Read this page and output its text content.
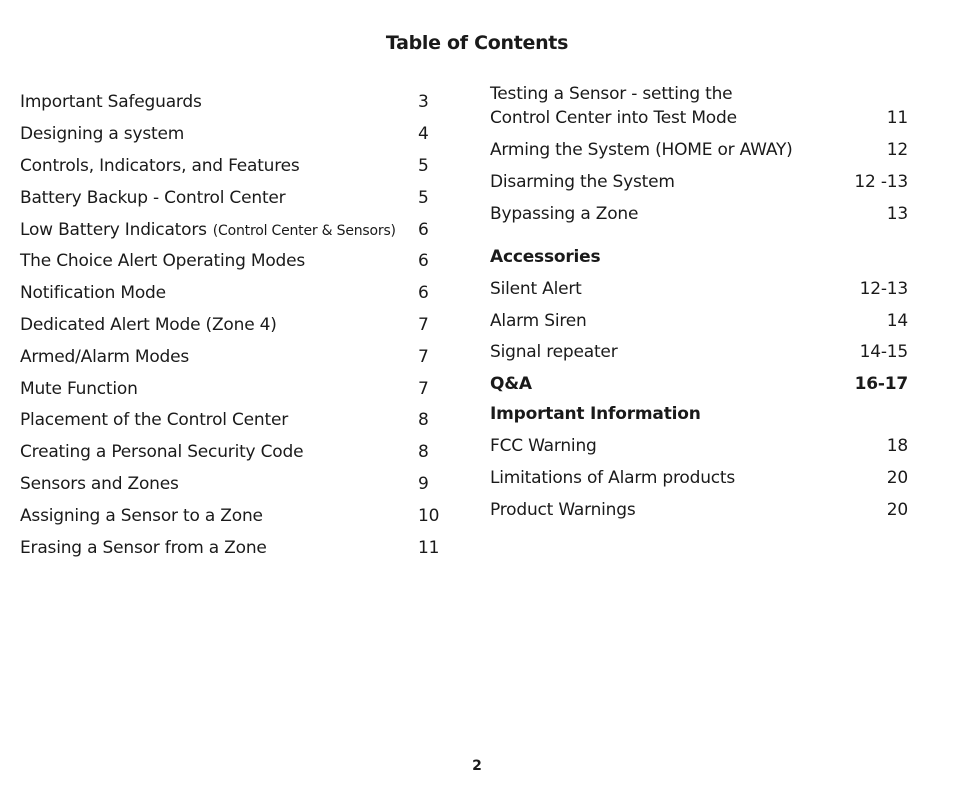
Table of Contents
Important Safeguards	3
Designing a system	4
Controls, Indicators, and Features	5
Battery Backup - Control Center	5
Low Battery Indicators (Control Center & Sensors) 6
The Choice Alert Operating Modes	6
Notification Mode	6
Dedicated Alert Mode (Zone 4)	7
Armed/Alarm Modes	7
Mute Function	7
Placement of the Control Center	8
Creating a Personal Security Code	8
Sensors and Zones	9
Assigning a Sensor to a Zone	10
Erasing a Sensor from a Zone	11
Testing a Sensor - setting the
Control Center into Test Mode	11
Arming the System (HOME or AWAY)	12
Disarming the System	12 -13
Bypassing a Zone	13
Accessories
Silent Alert	12-13
Alarm Siren	14
Signal repeater	14-15
Q&A	16-17
Important Information
FCC Warning	18
Limitations of Alarm products	20
Product Warnings	20
2
